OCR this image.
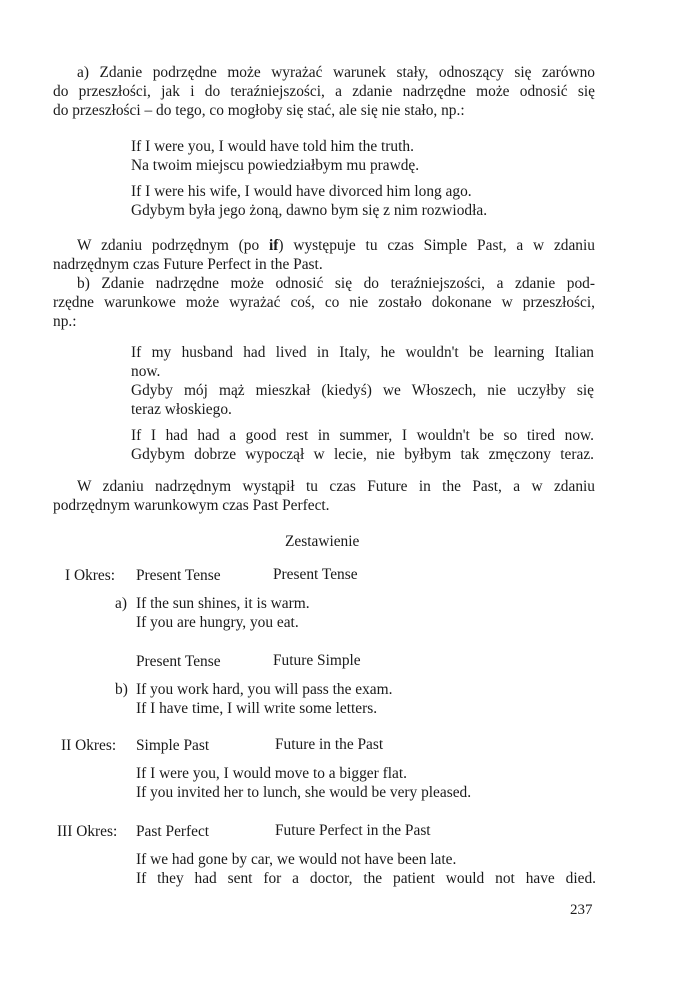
a) Zdanie podrzędne może wyrażać warunek stały, odnoszący się zarówno
do przeszłości, jak i do teraźniejszości, a zdanie nadrzędne może odnosić się
do przeszłości – do tego, co mogłoby się stać, ale się nie stało, np.:
If I were you, I would have told him the truth.
Na twoim miejscu powiedziałbym mu prawdę.
If I were his wife, I would have divorced him long ago.
Gdybym była jego żoną, dawno bym się z nim rozwiodła.
W zdaniu podrzędnym (po if) występuje tu czas Simple Past, a w zdaniu
nadrzędnym czas Future Perfect in the Past.
b) Zdanie nadrzędne może odnosić się do teraźniejszości, a zdanie pod-
rzędne warunkowe może wyrażać coś, co nie zostało dokonane w przeszłości,
np.:
If my husband had lived in Italy, he wouldn't be learning Italian
now.
Gdyby mój mąż mieszkał (kiedyś) we Włoszech, nie uczyłby się
teraz włoskiego.
If I had had a good rest in summer, I wouldn't be so tired now.
Gdybym dobrze wypoczął w lecie, nie byłbym tak zmęczony teraz.
W zdaniu nadrzędnym wystąpił tu czas Future in the Past, a w zdaniu
podrzędnym warunkowym czas Past Perfect.
Zestawienie
I Okres: Present Tense	Present Tense
a) If the sun shines, it is warm.
If you are hungry, you eat.
Present Tense	Future Simple
b) If you work hard, you will pass the exam.
If I have time, I will write some letters.
II Okres: Simple Past	Future in the Past
If I were you, I would move to a bigger flat.
If you invited her to lunch, she would be very pleased.
III Okres: Past Perfect	Future Perfect in the Past
If we had gone by car, we would not have been late.
If they had sent for a doctor, the patient would not have died.
237
